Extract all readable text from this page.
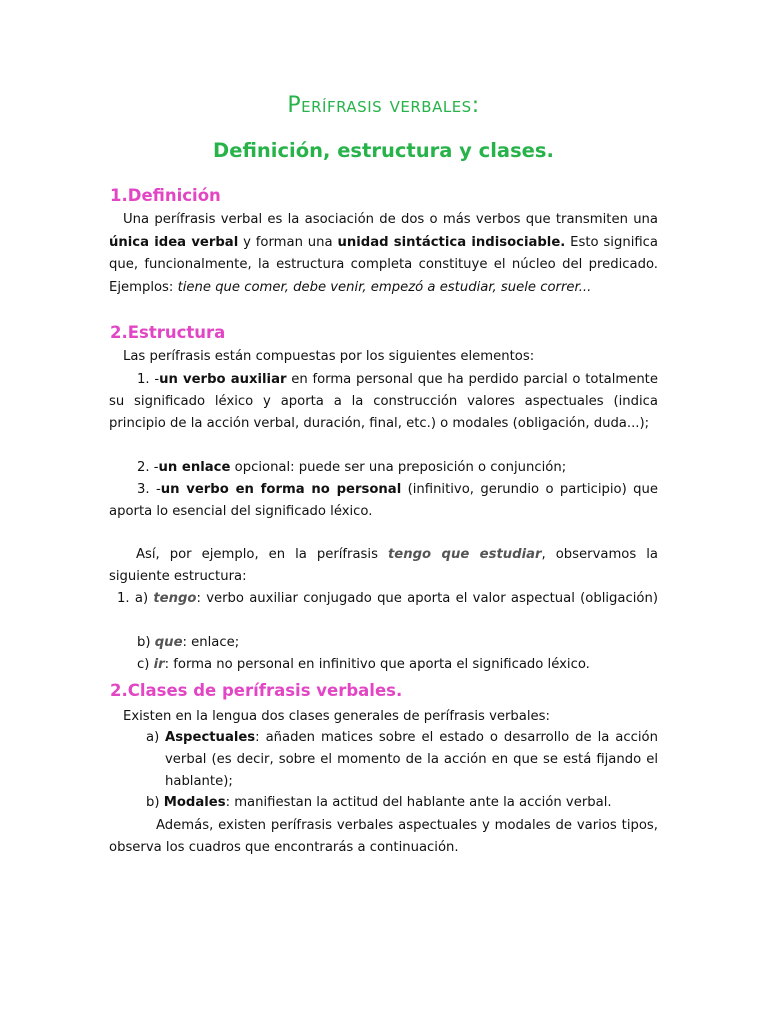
Perífrasis verbales:
Definición, estructura y clases.
1.Definición

Una perífrasis verbal es la asociación de dos o más verbos que transmiten una única idea verbal y forman una unidad sintáctica indisociable. Esto significa que, funcionalmente, la estructura completa constituye el núcleo del predicado. Ejemplos: tiene que comer, debe venir, empezó a estudiar, suele correr...

2.Estructura
Las perífrasis están compuestas por los siguientes elementos:

1. -un verbo auxiliar en forma personal que ha perdido parcial o totalmente su significado léxico y aporta a la construcción valores aspectuales (indica principio de la acción verbal, duración, final, etc.) o modales (obligación, duda...);

2. -un enlace opcional: puede ser una preposición o conjunción;

3. -un verbo en forma no personal (infinitivo, gerundio o participio) que aporta lo esencial del significado léxico.

Así, por ejemplo, en la perífrasis tengo que estudiar, observamos la siguiente estructura:

1. a) tengo: verbo auxiliar conjugado que aporta el valor aspectual (obligación)
b) que: enlace;
c) ir: forma no personal en infinitivo que aporta el significado léxico.
2.Clases de perífrasis verbales.
Existen en la lengua dos clases generales de perífrasis verbales:
a) Aspectuales: añaden matices sobre el estado o desarrollo de la acción verbal (es decir, sobre el momento de la acción en que se está fijando el hablante);

b) Modales: manifiestan la actitud del hablante ante la acción verbal.

Además, existen perífrasis verbales aspectuales y modales de varios tipos, observa los cuadros que encontrarás a continuación.
